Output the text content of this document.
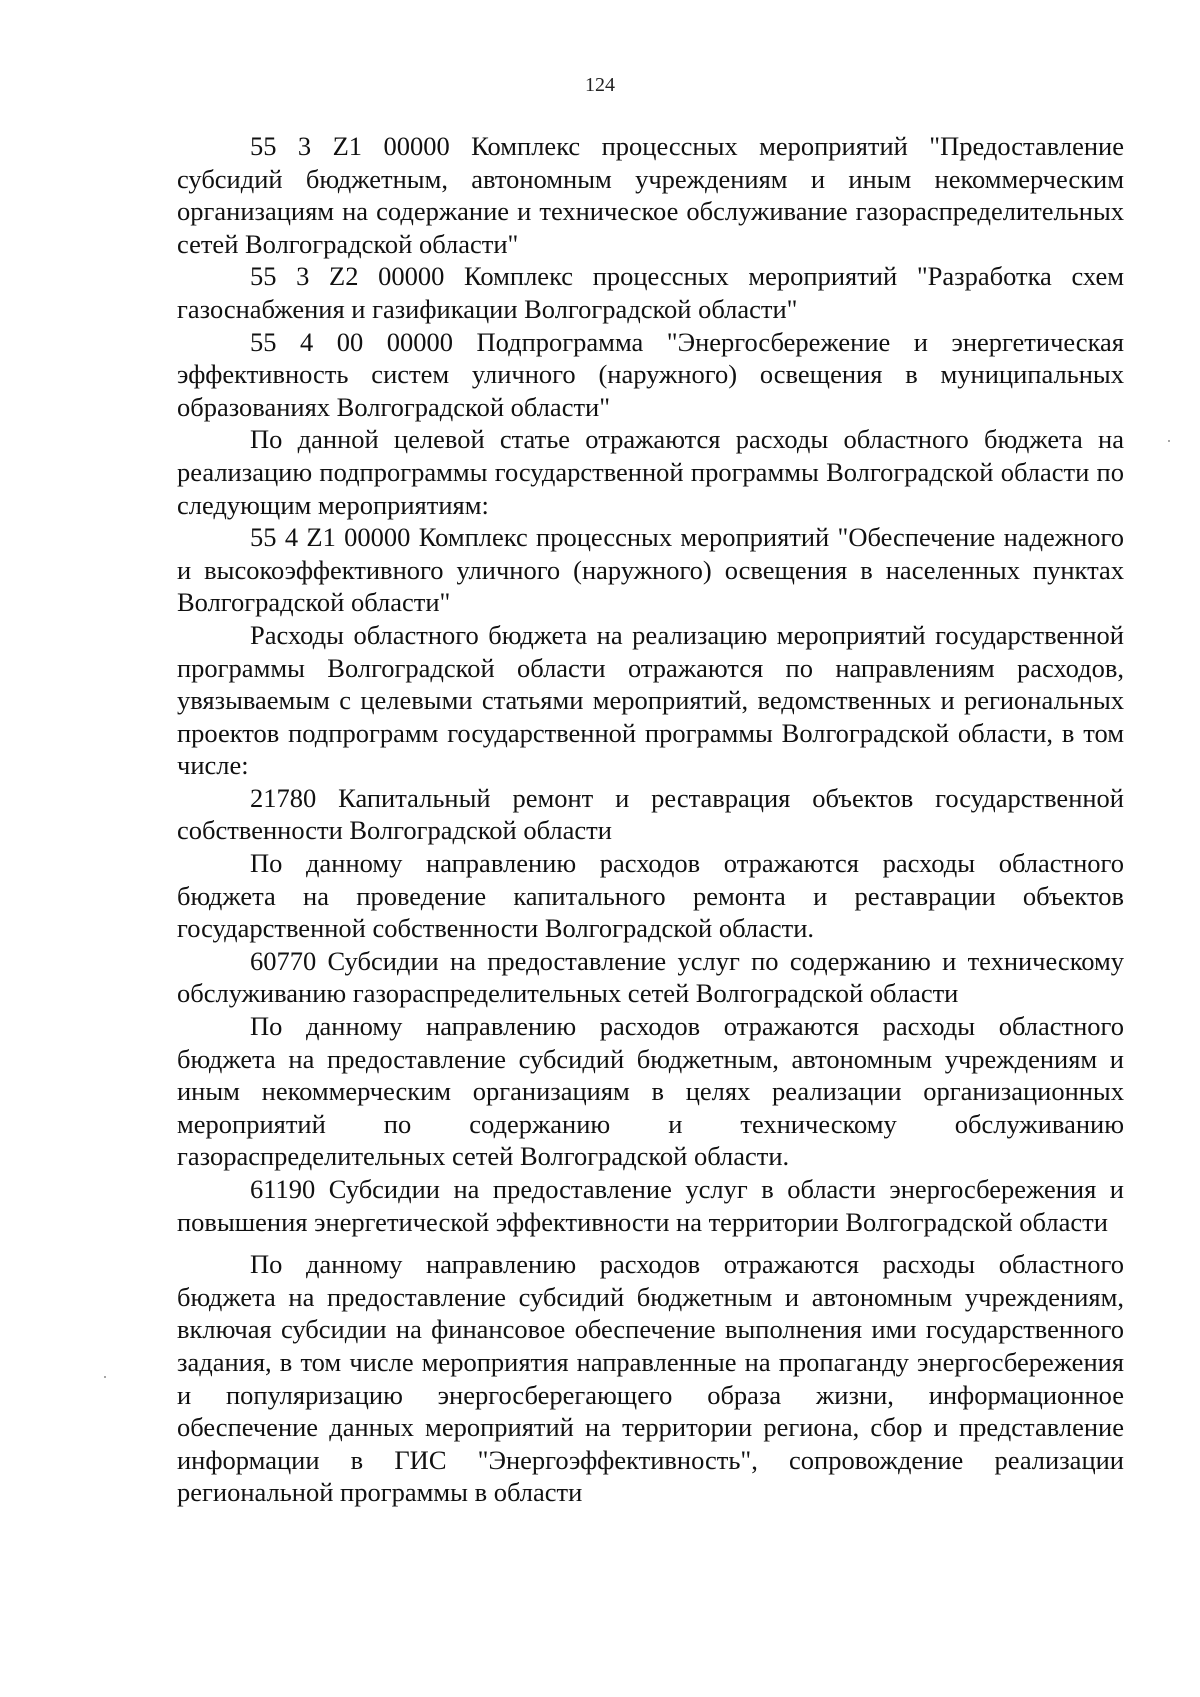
124

55 3 Z1 00000 Комплекс процессных мероприятий "Предоставление субсидий бюджетным, автономным учреждениям и иным некоммерческим организациям на содержание и техническое обслуживание газораспределительных сетей Волгоградской области"

55 3 Z2 00000 Комплекс процессных мероприятий "Разработка схем газоснабжения и газификации Волгоградской области"

55 4 00 00000 Подпрограмма "Энергосбережение и энергетическая эффективность систем уличного (наружного) освещения в муниципальных образованиях Волгоградской области"

По данной целевой статье отражаются расходы областного бюджета на реализацию подпрограммы государственной программы Волгоградской области по следующим мероприятиям:

55 4 Z1 00000 Комплекс процессных мероприятий "Обеспечение надежного и высокоэффективного уличного (наружного) освещения в населенных пунктах Волгоградской области"

Расходы областного бюджета на реализацию мероприятий государственной программы Волгоградской области отражаются по направлениям расходов, увязываемым с целевыми статьями мероприятий, ведомственных и региональных проектов подпрограмм государственной программы Волгоградской области, в том числе:

21780 Капитальный ремонт и реставрация объектов государственной собственности Волгоградской области

По данному направлению расходов отражаются расходы областного бюджета на проведение капитального ремонта и реставрации объектов государственной собственности Волгоградской области.

60770 Субсидии на предоставление услуг по содержанию и техническому обслуживанию газораспределительных сетей Волгоградской области

По данному направлению расходов отражаются расходы областного бюджета на предоставление субсидий бюджетным, автономным учреждениям и иным некоммерческим организациям в целях реализации организационных мероприятий по содержанию и техническому обслуживанию газораспределительных сетей Волгоградской области.

61190 Субсидии на предоставление услуг в области энергосбережения и повышения энергетической эффективности на территории Волгоградской области

По данному направлению расходов отражаются расходы областного бюджета на предоставление субсидий бюджетным и автономным учреждениям, включая субсидии на финансовое обеспечение выполнения ими государственного задания, в том числе мероприятия направленные на пропаганду энергосбережения и популяризацию энергосберегающего образа жизни, информационное обеспечение данных мероприятий на территории региона, сбор и представление информации в ГИС "Энергоэффективность", сопровождение реализации региональной программы в области
